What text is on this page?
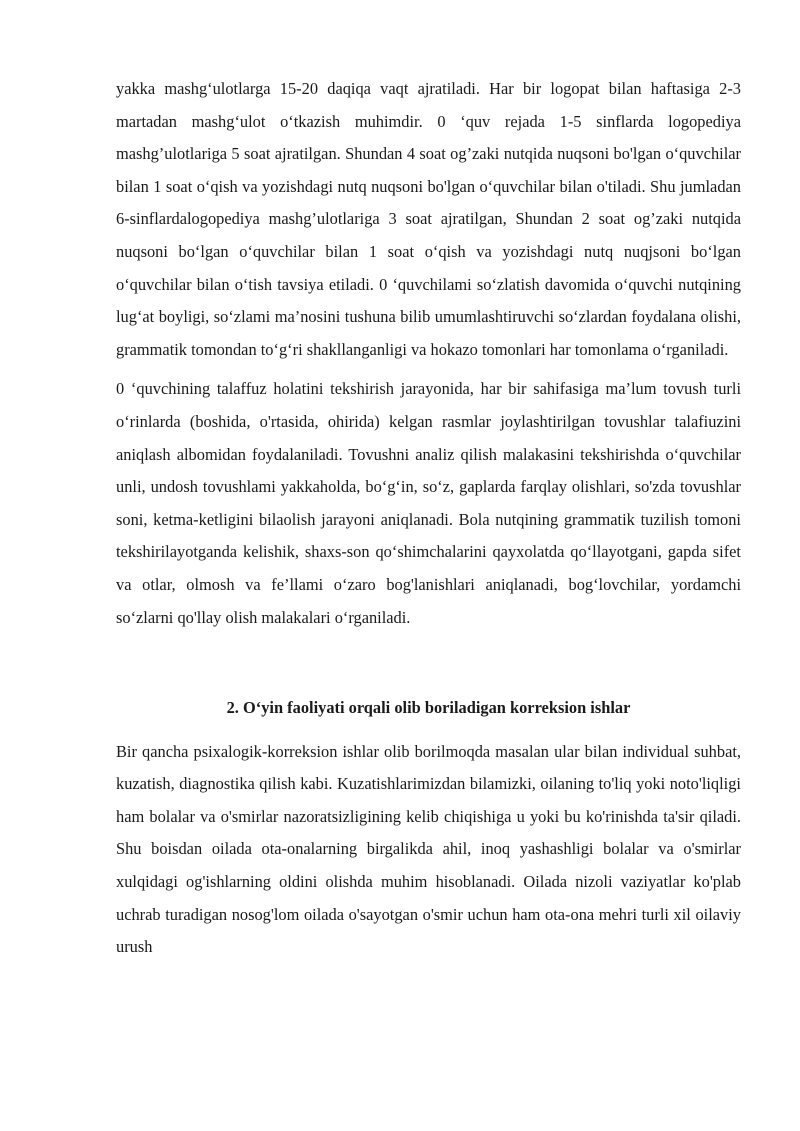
yakka mashg‘ulotlarga 15-20 daqiqa vaqt ajratiladi. Har bir logopat bilan haftasiga 2-3 martadan mashg‘ulot o‘tkazish muhimdir. 0 ‘quv rejada 1-5 sinflarda logopediya mashg’ulotlariga 5 soat ajratilgan. Shundan 4 soat og’zaki nutqida nuqsoni bo'lgan o‘quvchilar bilan 1 soat o‘qish va yozishdagi nutq nuqsoni bo'lgan o‘quvchilar bilan o'tiladi. Shu jumladan 6-sinflardalogopediya mashg’ulotlariga 3 soat ajratilgan, Shundan 2 soat og’zaki nutqida nuqsoni bo‘lgan o‘quvchilar bilan 1 soat o‘qish va yozishdagi nutq nuqjsoni bo‘lgan o‘quvchilar bilan o‘tish tavsiya etiladi. 0 ‘quvchilami so‘zlatish davomida o‘quvchi nutqining lug‘at boyligi, so‘zlami ma’nosini tushuna bilib umumlashtiruvchi so‘zlardan foydalana olishi, grammatik tomondan to‘g‘ri shakllanganligi va hokazo tomonlari har tomonlama o‘rganiladi.

0 ‘quvchining talaffuz holatini tekshirish jarayonida, har bir sahifasiga ma’lum tovush turli o‘rinlarda (boshida, o'rtasida, ohirida) kelgan rasmlar joylashtirilgan tovushlar talafiuzini aniqlash albomidan foydalaniladi. Tovushni analiz qilish malakasini tekshirishda o‘quvchilar unli, undosh tovushlami yakkaholda, bo‘g‘in, so‘z, gaplarda farqlay olishlari, so'zda tovushlar soni, ketma-ketligini bilaolish jarayoni aniqlanadi. Bola nutqining grammatik tuzilish tomoni tekshirilayotganda kelishik, shaxs-son qo‘shimchalarini qayxolatda qo‘llayotgani, gapda sifet va otlar, olmosh va fe’llami o‘zaro bog'lanishlari aniqlanadi, bog‘lovchilar, yordamchi so‘zlarni qo'llay olish malakalari o‘rganiladi.

2. O‘yin faoliyati orqali olib boriladigan korreksion ishlar

Bir qancha psixalogik-korreksion ishlar olib borilmoqda masalan ular bilan individual suhbat, kuzatish, diagnostika qilish kabi. Kuzatishlarimizdan bilamizki, oilaning to'liq yoki noto'liqligi ham bolalar va o'smirlar nazoratsizligining kelib chiqishiga u yoki bu ko'rinishda ta'sir qiladi. Shu boisdan oilada ota-onalarning birgalikda ahil, inoq yashashligi bolalar va o'smirlar xulqidagi og'ishlarning oldini olishda muhim hisoblanadi. Oilada nizoli vaziyatlar ko'plab uchrab turadigan nosog'lom oilada o'sayotgan o'smir uchun ham ota-ona mehri turli xil oilaviy urush
